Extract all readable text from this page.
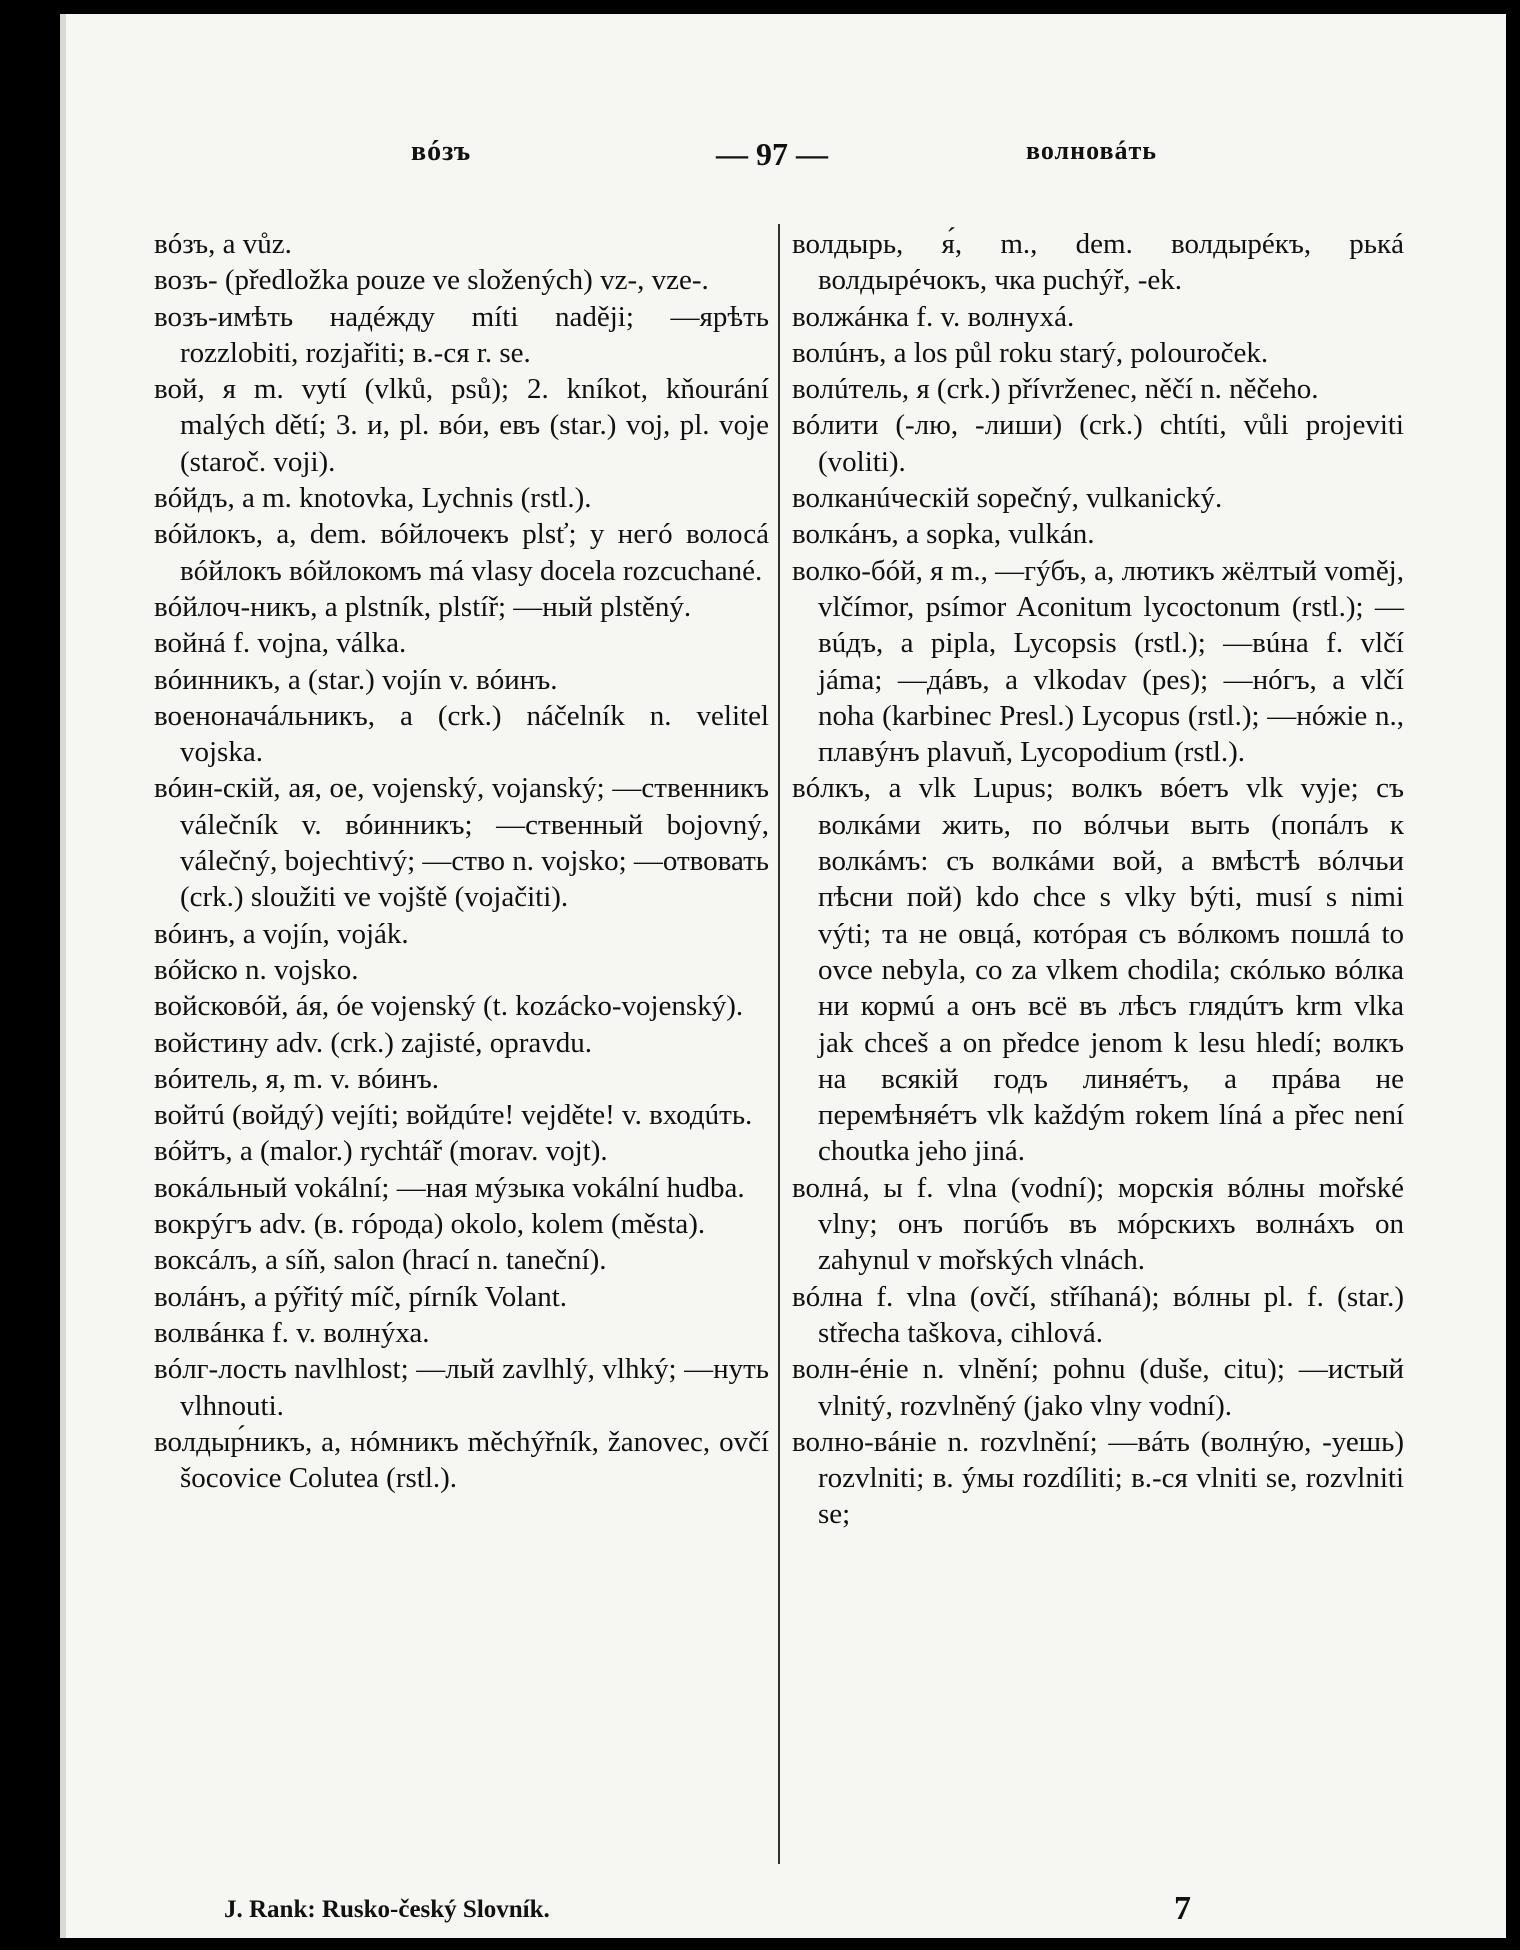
вóзъ	— 97 —	волновáть

вóзъ, а vůz.

возъ- (předložka pouze ve složených) vz-, vze-.

возъ-имѣть надéжду míti naději; —ярѣть rozzlobiti, rozjařiti; в.-ся r. se.

вой, я m. vytí (vlků, psů); 2. kníkot, kňourání malých dětí; 3. и, pl. вóи, евъ (star.) voj, pl. voje (staroč. voji).

вóйдъ, а m. knotovka, Lychnis (rstl.).

вóйлокъ, а, dem. вóйлочекъ plsť; у негó волосá вóйлокъ вóйлокомъ má vlasy docela rozcuchané.

вóйлоч-никъ, а plstník, plstíř; —ный plstěný.

войнá f. vojna, válka.

вóинникъ, а (star.) vojín v. вóинъ.

военоначáльникъ, а (crk.) náčelník n. velitel vojska.

вóин-скій, ая, ое, vojenský, vojanský; —ственникъ válečník v. вóинникъ; —ственный bojovný, válečný, bojechtivý; —ство n. vojsko; —отвовать (crk.) sloužiti ve vojště (vojačiti).

вóинъ, а vojín, voják.

вóйско n. vojsko.

войсковóй, áя, óе vojenský (t. kozácko-vojenský).

войстину adv. (crk.) zajisté, opravdu.

вóитель, я, m. v. вóинъ.

войтú (войдý) vejíti; войдúте! vejděte! v. входúть.

вóйтъ, а (malor.) rychtář (morav. vojt).

вокáльный vokální; —ная мýзыка vokální hudba.

вокрýгъ adv. (в. гóрода) okolo, kolem (města).

воксáлъ, а síň, salon (hrací n. taneční).

волáнъ, а pýřitý míč, pírník Volant.

волвáнка f. v. волнýха.

вóлг-лость navlhlost; —лый zavlhlý, vlhký; —нуть vlhnouti.

волдыр́никъ, а, нóмникъ měchýřník, žanovec, ovčí šocovice Colutea (rstl.).

волдырь, я́, m., dem. волдырéкъ, рькá волдырéчокъ, чка puchýř, -ek.

волжáнка f. v. волнухá.

волúнъ, а los půl roku starý, polouroček.

волúтель, я (crk.) přívrženec, něčí n. něčeho.

вóлити (-лю, -лиши) (crk.) chtíti, vůli projeviti (voliti).

волканúческій sopečný, vulkanický.

волкáнъ, а sopka, vulkán.

волко-бóй, я m., —гýбъ, а, лютикъ жёлтый voměj, vlčímor, psímor Aconitum lycoctonum (rstl.); —вúдъ, а pipla, Lycopsis (rstl.); —вúна f. vlčí jáma; —дáвъ, а vlkodav (pes); —нóгъ, а vlčí noha (karbinec Presl.) Lycopus (rstl.); —нóжіе n., плавýнъ plavuň, Lycopodium (rstl.).

вóлкъ, а vlk Lupus; волкъ вóетъ vlk vyje; съ волкáми жить, по вóлчьи выть (попáлъ к волкáмъ: съ волкáми вой, а вмѣстѣ вóлчьи пѣсни пой) kdo chce s vlky býti, musí s nimi výti; та не овцá, котóрая съ вóлкомъ пошлá to ovce nebyla, co za vlkem chodila; скóлько вóлка ни кормú а онъ всё въ лѣсъ глядúтъ krm vlka jak chceš a on předce jenom k lesu hledí; волкъ на всякій годъ линяéтъ, а прáва не перемѣняéтъ vlk každým rokem líná a přec není choutka jeho jiná.

волнá, ы f. vlna (vodní); морскія вóлны mořské vlny; онъ погúбъ въ мóрскихъ волнáхъ on zahynul v mořských vlnách.

вóлна f. vlna (ovčí, stříhaná); вóлны pl. f. (star.) střecha taškova, cihlová.

волн-éніе n. vlnění; pohnu (duše, citu); —истый vlnitý, rozvlněný (jako vlny vodní).

волно-вáніе n. rozvlnění; —вáть (волнýю, -уешь) rozvlniti; в. ýмы rozdíliti; в.-ся vlniti se, rozvlniti se;

J. Rank: Rusko-český Slovník.	7
